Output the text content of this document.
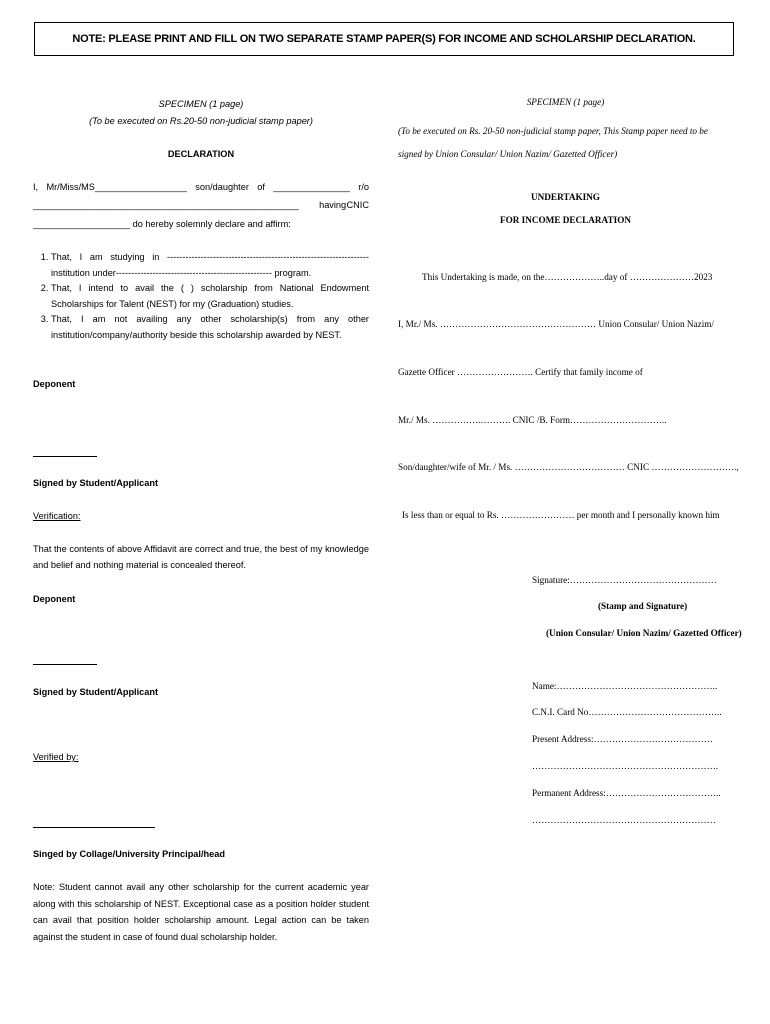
NOTE: PLEASE PRINT AND FILL ON TWO SEPARATE STAMP PAPER(S) FOR INCOME AND SCHOLARSHIP DECLARATION.
SPECIMEN (1 page)
(To be executed on Rs.20-50 non-judicial stamp paper)
DECLARATION
I, Mr/Miss/MS__________________ son/daughter of _______________ r/o
____________________________________________________ having CNIC
___________________ do hereby solemnly declare and affirm:
1. That, I am studying in ------------------------------------------------------------------institution under--------------------------------------------------- program.
2. That, I intend to avail the ( ) scholarship from National Endowment Scholarships for Talent (NEST) for my (Graduation) studies.
3. That, I am not availing any other scholarship(s) from any other institution/company/authority beside this scholarship awarded by NEST.
Deponent
Signed by Student/Applicant
Verification:
That the contents of above Affidavit are correct and true, the best of my knowledge and belief and nothing material is concealed thereof.
Deponent
Signed by Student/Applicant
Verified by:
Singed by Collage/University Principal/head
Note: Student cannot avail any other scholarship for the current academic year along with this scholarship of NEST. Exceptional case as a position holder student can avail that position holder scholarship amount. Legal action can be taken against the student in case of found dual scholarship holder.
SPECIMEN (1 page)
(To be executed on Rs. 20-50 non-judicial stamp paper, This Stamp paper need to be signed by Union Consular/ Union Nazim/ Gazetted Officer)
UNDERTAKING
FOR INCOME DECLARATION
This Undertaking is made, on the………………..day of …………………2023
I, Mr./ Ms. …………………………………………… Union Consular/ Union Nazim/
Gazette Officer ……………………. Certify that family income of
Mr./ Ms. …………….………. CNIC /B. Form…………………………..
Son/daughter/wife of Mr. / Ms. ……………………………… CNIC ……………………….,
Is less than or equal to Rs. …………………… per month and I personally known him
Signature:…………………………………………
(Stamp and Signature)
(Union Consular/ Union Nazim/ Gazetted Officer)
Name:……………………………………………..
C.N.I. Card No……………………………………..
Present Address:…………………………………
…………………………………………………….
Permanent Address:………………………………..
……………………………………………………
